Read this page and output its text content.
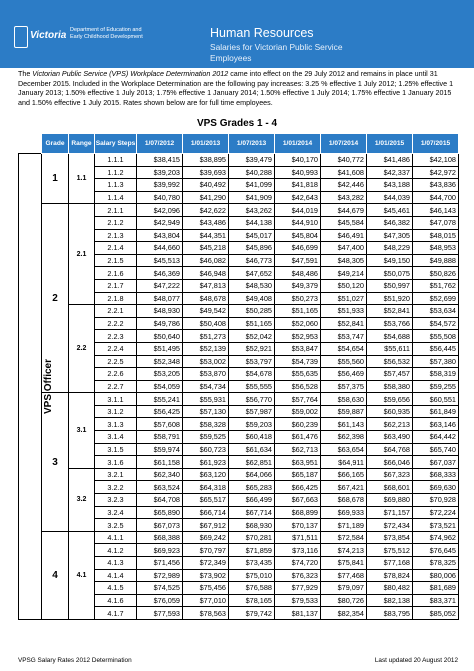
Victoria Department of Education and Early Childhood Development	Human Resources
Salaries for Victorian Public Service Employees
The Victorian Public Service (VPS) Workplace Determination 2012 came into effect on the 29 July 2012 and remains in place until 31 December 2015. Included in the Workplace Determination are the following pay increases: 3.25 % effective 1 July 2012; 1.25% effective 1 January 2013; 1.50% effective 1 July 2013; 1.75% effective 1 January 2014; 1.50% effective 1 July 2014; 1.75% effective 1 January 2015 and 1.50% effective 1 July 2015. Rates shown below are for full time employees.
VPS Grades 1 - 4
	Grade	Range	Salary Steps	1/07/2012	1/01/2013	1/07/2013	1/01/2014	1/07/2014	1/01/2015	1/07/2015
VPS Officer	1	1.1	1.1.1	$38,415	$38,895	$39,479	$40,170	$40,772	$41,486	$42,108
			1.1.2	$39,203	$39,693	$40,288	$40,993	$41,608	$42,337	$42,972
			1.1.3	$39,992	$40,492	$41,099	$41,818	$42,446	$43,188	$43,836
			1.1.4	$40,780	$41,290	$41,909	$42,643	$43,282	$44,039	$44,700
	2	2.1	2.1.1	$42,096	$42,622	$43,262	$44,019	$44,679	$45,461	$46,143
			2.1.2	$42,949	$43,486	$44,138	$44,910	$45,584	$46,382	$47,078
			2.1.3	$43,804	$44,351	$45,017	$45,804	$46,491	$47,305	$48,015
			2.1.4	$44,660	$45,218	$45,896	$46,699	$47,400	$48,229	$48,953
			2.1.5	$45,513	$46,082	$46,773	$47,591	$48,305	$49,150	$49,888
			2.1.6	$46,369	$46,948	$47,652	$48,486	$49,214	$50,075	$50,826
			2.1.7	$47,222	$47,813	$48,530	$49,379	$50,120	$50,997	$51,762
			2.1.8	$48,077	$48,678	$49,408	$50,273	$51,027	$51,920	$52,699
		2.2	2.2.1	$48,930	$49,542	$50,285	$51,165	$51,933	$52,841	$53,634
			2.2.2	$49,786	$50,408	$51,165	$52,060	$52,841	$53,766	$54,572
			2.2.3	$50,640	$51,273	$52,042	$52,953	$53,747	$54,688	$55,508
			2.2.4	$51,495	$52,139	$52,921	$53,847	$54,654	$55,611	$56,445
			2.2.5	$52,348	$53,002	$53,797	$54,739	$55,560	$56,532	$57,380
			2.2.6	$53,205	$53,870	$54,678	$55,635	$56,469	$57,457	$58,319
			2.2.7	$54,059	$54,734	$55,555	$56,528	$57,375	$58,380	$59,255
	3	3.1	3.1.1	$55,241	$55,931	$56,770	$57,764	$58,630	$59,656	$60,551
			3.1.2	$56,425	$57,130	$57,987	$59,002	$59,887	$60,935	$61,849
			3.1.3	$57,608	$58,328	$59,203	$60,239	$61,143	$62,213	$63,146
			3.1.4	$58,791	$59,525	$60,418	$61,476	$62,398	$63,490	$64,442
			3.1.5	$59,974	$60,723	$61,634	$62,713	$63,654	$64,768	$65,740
			3.1.6	$61,158	$61,923	$62,851	$63,951	$64,911	$66,046	$67,037
		3.2	3.2.1	$62,340	$63,120	$64,066	$65,187	$66,165	$67,323	$68,333
			3.2.2	$63,524	$64,318	$65,283	$66,425	$67,421	$68,601	$69,630
			3.2.3	$64,708	$65,517	$66,499	$67,663	$68,678	$69,880	$70,928
			3.2.4	$65,890	$66,714	$67,714	$68,899	$69,933	$71,157	$72,224
			3.2.5	$67,073	$67,912	$68,930	$70,137	$71,189	$72,434	$73,521
	4	4.1	4.1.1	$68,388	$69,242	$70,281	$71,511	$72,584	$73,854	$74,962
			4.1.2	$69,923	$70,797	$71,859	$73,116	$74,213	$75,512	$76,645
			4.1.3	$71,456	$72,349	$73,435	$74,720	$75,841	$77,168	$78,325
			4.1.4	$72,989	$73,902	$75,010	$76,323	$77,468	$78,824	$80,006
			4.1.5	$74,525	$75,456	$76,588	$77,929	$79,097	$80,482	$81,689
			4.1.6	$76,059	$77,010	$78,165	$79,533	$80,726	$82,138	$83,371
			4.1.7	$77,593	$78,563	$79,742	$81,137	$82,354	$83,795	$85,052
VPSG Salary Rates 2012 Determination	Last updated 20 August 2012
